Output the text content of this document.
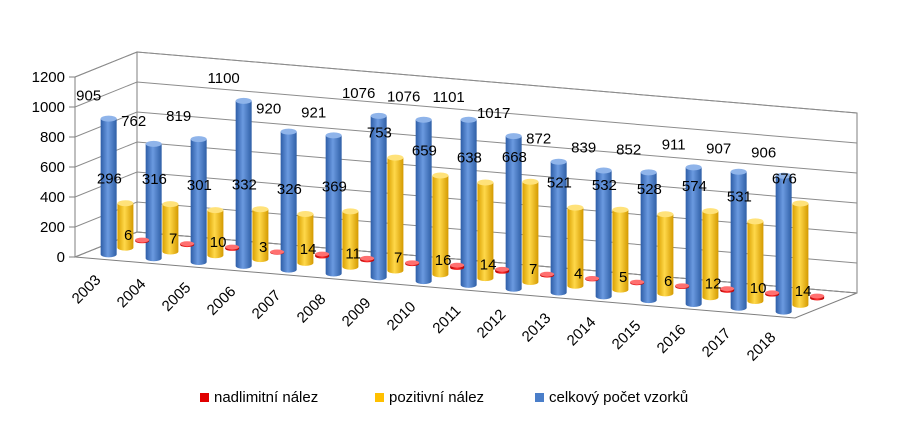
0
200
400
600
800
1000
1200
905
762 819
1100
920 921
1076 1076 1101
1017
872
839 852 911 907 906
296 316 301 332 326 369
753
659 638 668
521 532 528 574
531
676
6 7 10 3 14 11 7 16 14 7 4 5 6 12 10 14
2003 2004 2005 2006 2007 2008 2009 2010 2011 2012 2013 2014 2015 2016 2017 2018
nadlimitní nález	pozitivní nález	celkový počet vzorků
